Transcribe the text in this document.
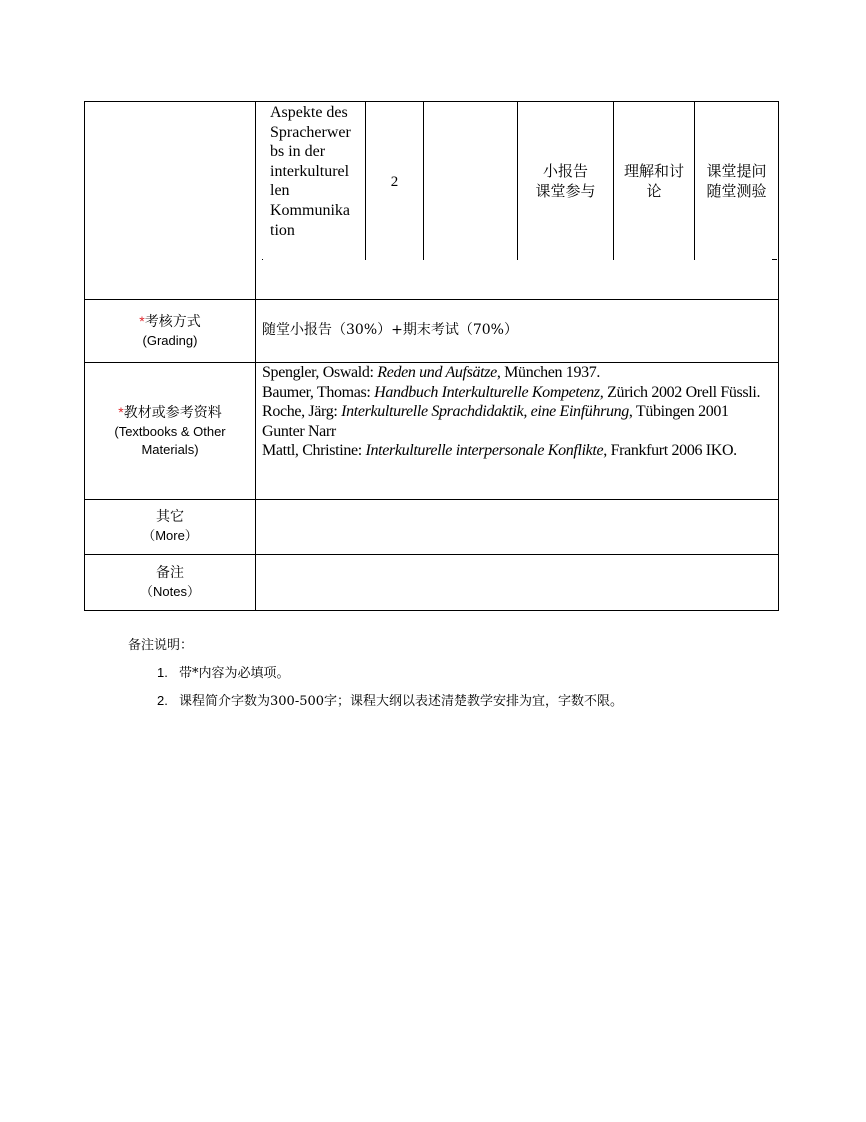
Aspekte des
Spracherwer
bs in der
interkulturel
len
Kommunika
tion
2
小报告
课堂参与
理解和讨
论
课堂提问
随堂测验
*考核方式
(Grading)
随堂小报告（30%）+期末考试（70%）
*教材或参考资料
(Textbooks & Other
Materials)
Spengler, Oswald: Reden und Aufsätze, München 1937.
Baumer, Thomas: Handbuch Interkulturelle Kompetenz, Zürich 2002 Orell Füssli.
Roche, Järg: Interkulturelle Sprachdidaktik, eine Einführung, Tübingen 2001 Gunter Narr
Mattl, Christine: Interkulturelle interpersonale Konflikte, Frankfurt 2006 IKO.
其它
（More）
备注
（Notes）
备注说明：
1. 带*内容为必填项。
2. 课程简介字数为300-500字；课程大纲以表述清楚教学安排为宜，字数不限。
